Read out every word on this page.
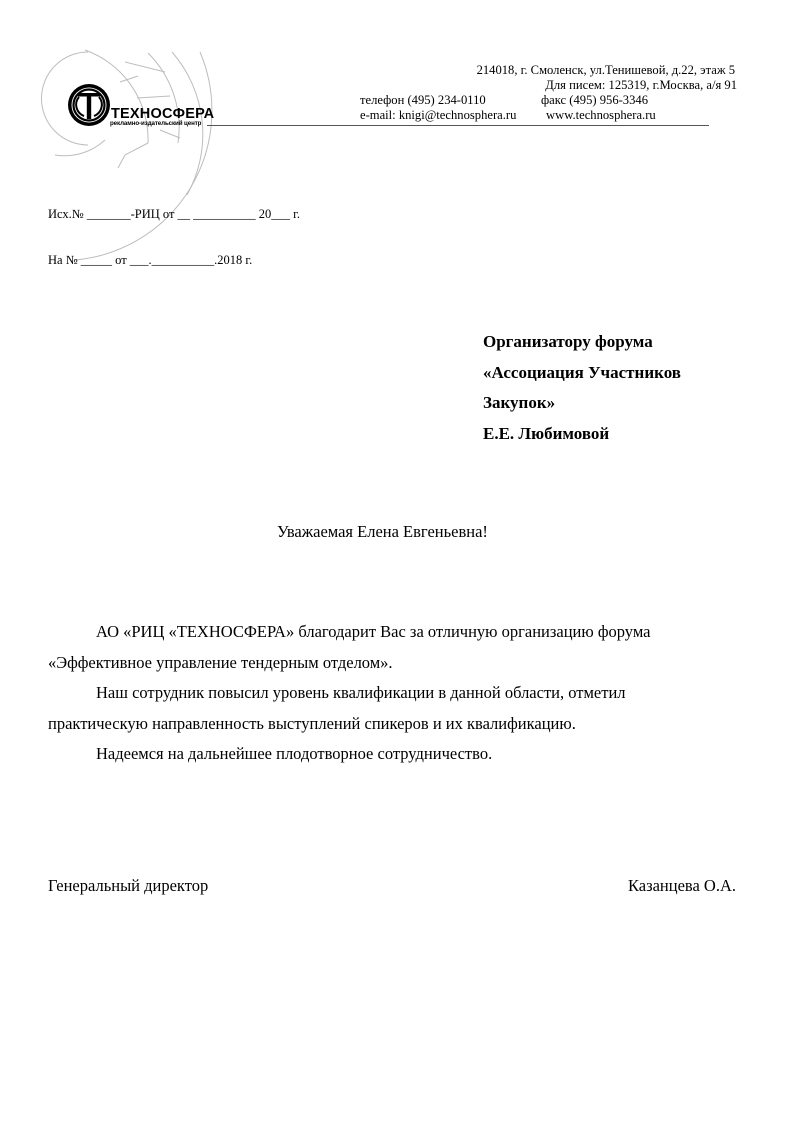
ТЕХНОСФЕРА
рекламно-издательский центр
214018, г. Смоленск, ул.Тенишевой, д.22, этаж 5
Для писем: 125319, г.Москва, а/я 91
телефон (495) 234-0110	факс (495) 956-3346
e-mail: knigi@technosphera.ru www.technosphera.ru
Исх.№ _______-РИЦ от __ __________ 20___ г.
На № _____ от ___.__________.2018 г.
Организатору форума
«Ассоциация Участников
Закупок»
Е.Е. Любимовой
Уважаемая Елена Евгеньевна!

АО «РИЦ «ТЕХНОСФЕРА» благодарит Вас за отличную организацию форума

«Эффективное управление тендерным отделом».

Наш сотрудник повысил уровень квалификации в данной области, отметил

практическую направленность выступлений спикеров и их квалификацию.

Надеемся на дальнейшее плодотворное сотрудничество.

Генеральный директор	Казанцева О.А.
